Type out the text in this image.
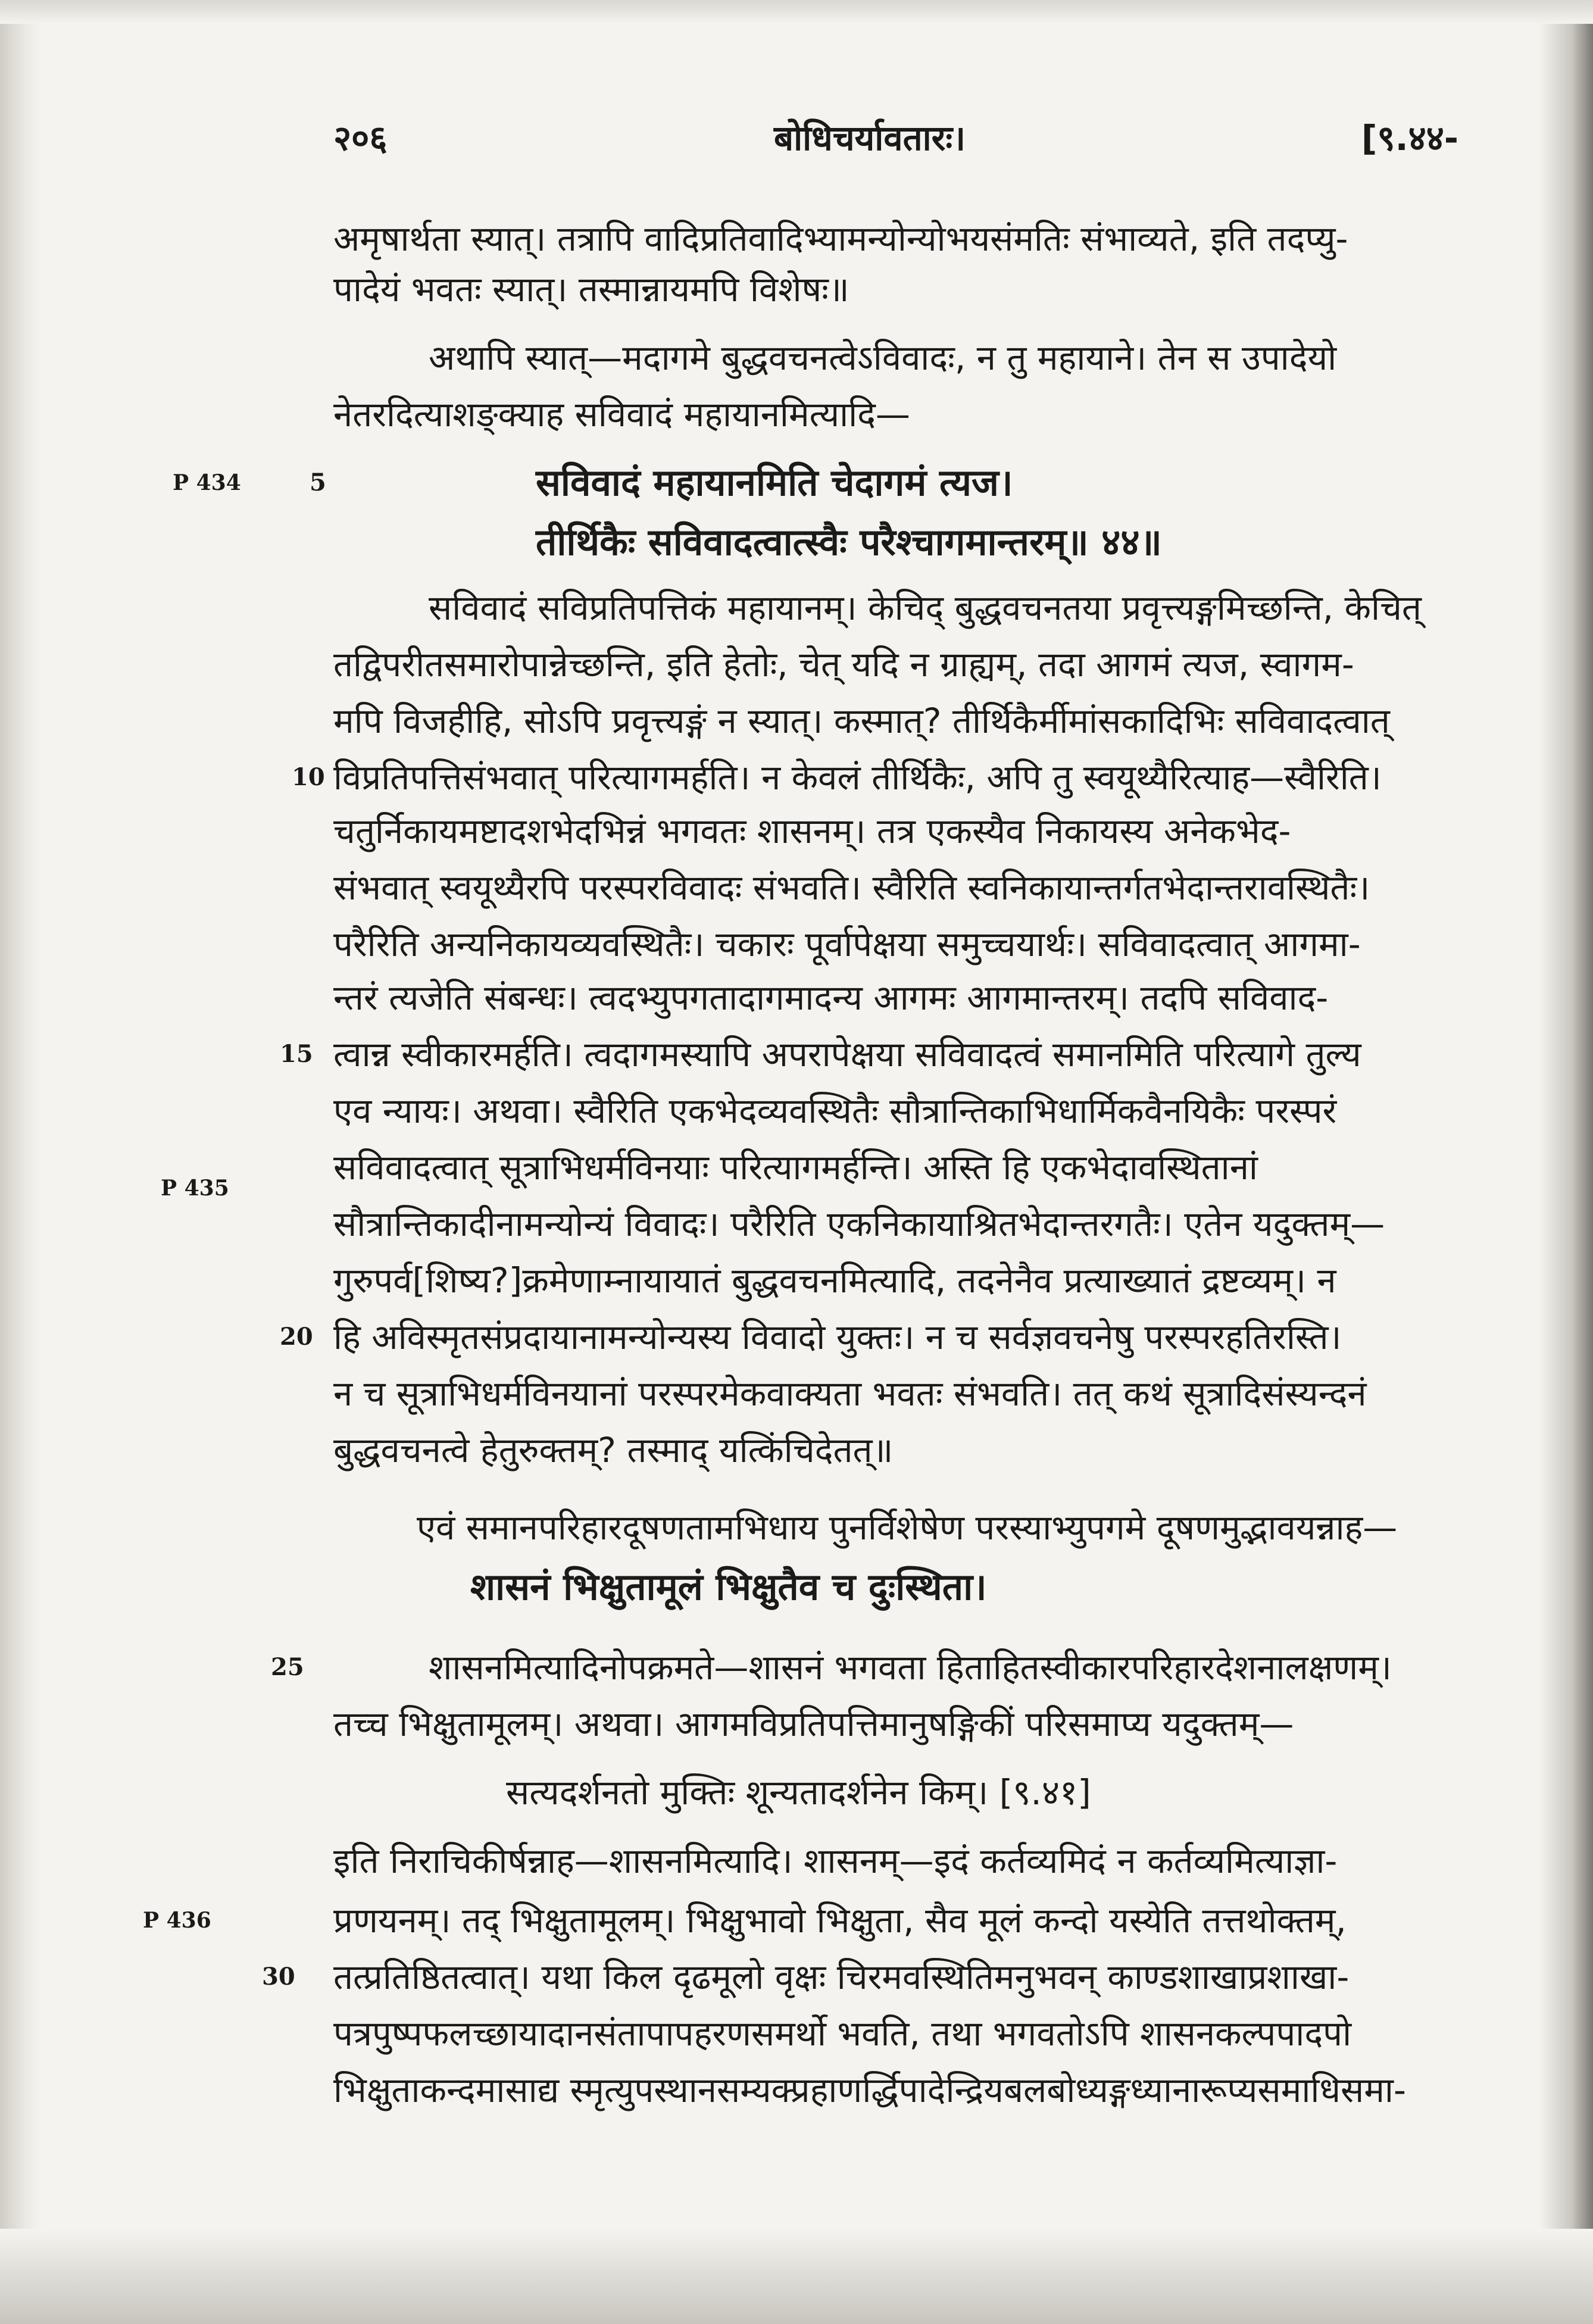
२०६	बोधिचर्यावतारः।	[९.४४-
अमृषार्थता स्यात्। तत्रापि वादिप्रतिवादिभ्यामन्योन्योभयसंमतिः संभाव्यते, इति तदप्यु-
पादेयं भवतः स्यात्। तस्मान्नायमपि विशेषः॥
अथापि स्यात्—मदागमे बुद्धवचनत्वेऽविवादः, न तु महायाने। तेन स उपादेयो
नेतरदित्याशङ्क्याह सविवादं महायानमित्यादि—
सविवादं महायानमिति चेदागमं त्यज।
तीर्थिकैः सविवादत्वात्स्वैः परैश्चागमान्तरम्॥ ४४॥
सविवादं सविप्रतिपत्तिकं महायानम्। केचिद् बुद्धवचनतया प्रवृत्त्यङ्गमिच्छन्ति, केचित्
तद्विपरीतसमारोपान्नेच्छन्ति, इति हेतोः, चेत् यदि न ग्राह्यम्, तदा आगमं त्यज, स्वागम-
मपि विजहीहि, सोऽपि प्रवृत्त्यङ्गं न स्यात्। कस्मात्? तीर्थिकैर्मीमांसकादिभिः सविवादत्वात्
विप्रतिपत्तिसंभवात् परित्यागमर्हति। न केवलं तीर्थिकैः, अपि तु स्वयूथ्यैरित्याह—स्वैरिति।
चतुर्निकायमष्टादशभेदभिन्नं भगवतः शासनम्। तत्र एकस्यैव निकायस्य अनेकभेद-
संभवात् स्वयूथ्यैरपि परस्परविवादः संभवति। स्वैरिति स्वनिकायान्तर्गतभेदान्तरावस्थितैः।
परैरिति अन्यनिकायव्यवस्थितैः। चकारः पूर्वापेक्षया समुच्चयार्थः। सविवादत्वात् आगमा-
न्तरं त्यजेति संबन्धः। त्वदभ्युपगतादागमादन्य आगमः आगमान्तरम्। तदपि सविवाद-
त्वान्न स्वीकारमर्हति। त्वदागमस्यापि अपरापेक्षया सविवादत्वं समानमिति परित्यागे तुल्य
एव न्यायः। अथवा। स्वैरिति एकभेदव्यवस्थितैः सौत्रान्तिकाभिधार्मिकवैनयिकैः परस्परं
सविवादत्वात् सूत्राभिधर्मविनयाः परित्यागमर्हन्ति। अस्ति हि एकभेदावस्थितानां
सौत्रान्तिकादीनामन्योन्यं विवादः। परैरिति एकनिकायाश्रितभेदान्तरगतैः। एतेन यदुक्तम्—
गुरुपर्व[शिष्य?]क्रमेणाम्नायायातं बुद्धवचनमित्यादि, तदनेनैव प्रत्याख्यातं द्रष्टव्यम्। न
हि अविस्मृतसंप्रदायानामन्योन्यस्य विवादो युक्तः। न च सर्वज्ञवचनेषु परस्परहतिरस्ति।
न च सूत्राभिधर्मविनयानां परस्परमेकवाक्यता भवतः संभवति। तत् कथं सूत्रादिसंस्यन्दनं
बुद्धवचनत्वे हेतुरुक्तम्? तस्माद् यत्किंचिदेतत्॥
एवं समानपरिहारदूषणतामभिधाय पुनर्विशेषेण परस्याभ्युपगमे दूषणमुद्भावयन्नाह—
शासनं भिक्षुतामूलं भिक्षुतैव च दुःस्थिता।
शासनमित्यादिनोपक्रमते—शासनं भगवता हिताहितस्वीकारपरिहारदेशनालक्षणम्।
तच्च भिक्षुतामूलम्। अथवा। आगमविप्रतिपत्तिमानुषङ्गिकीं परिसमाप्य यदुक्तम्—
सत्यदर्शनतो मुक्तिः शून्यतादर्शनेन किम्। [९.४१]
इति निराचिकीर्षन्नाह—शासनमित्यादि। शासनम्—इदं कर्तव्यमिदं न कर्तव्यमित्याज्ञा-
प्रणयनम्। तद् भिक्षुतामूलम्। भिक्षुभावो भिक्षुता, सैव मूलं कन्दो यस्येति तत्तथोक्तम्,
तत्प्रतिष्ठितत्वात्। यथा किल दृढमूलो वृक्षः चिरमवस्थितिमनुभवन् काण्डशाखाप्रशाखा-
पत्रपुष्पफलच्छायादानसंतापापहरणसमर्थो भवति, तथा भगवतोऽपि शासनकल्पपादपो
भिक्षुताकन्दमासाद्य स्मृत्युपस्थानसम्यक्प्रहाणर्द्धिपादेन्द्रियबलबोध्यङ्गध्यानारूप्यसमाधिसमा-
5
10
15
20
25
30
P 434
P 435
P 436
